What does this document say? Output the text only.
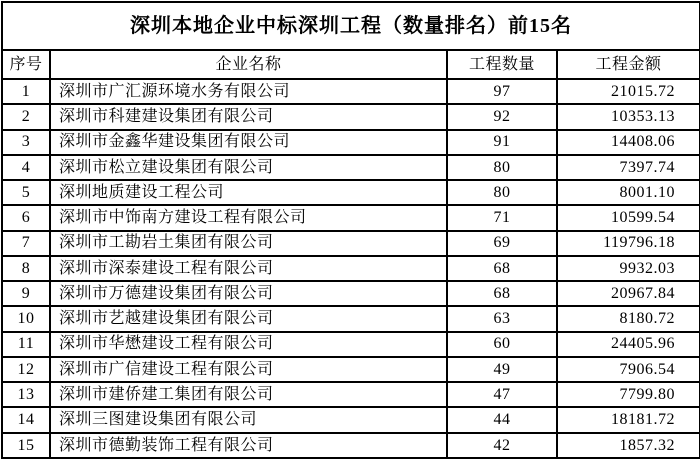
深圳本地企业中标深圳工程（数量排名）前15名			
序号	企业名称	工程数量	工程金额
1	深圳市广汇源环境水务有限公司	97	21015.72
2	深圳市科建建设集团有限公司	92	10353.13
3	深圳市金鑫华建设集团有限公司	91	14408.06
4	深圳市松立建设集团有限公司	80	7397.74
5	深圳地质建设工程公司	80	8001.10
6	深圳市中饰南方建设工程有限公司	71	10599.54
7	深圳市工勘岩土集团有限公司	69	119796.18
8	深圳市深泰建设工程有限公司	68	9932.03
9	深圳市万德建设集团有限公司	68	20967.84
10	深圳市艺越建设集团有限公司	63	8180.72
11	深圳市华懋建设工程有限公司	60	24405.96
12	深圳市广信建设工程有限公司	49	7906.54
13	深圳市建侨建工集团有限公司	47	7799.80
14	深圳三图建设集团有限公司	44	18181.72
15	深圳市德勤装饰工程有限公司	42	1857.32
